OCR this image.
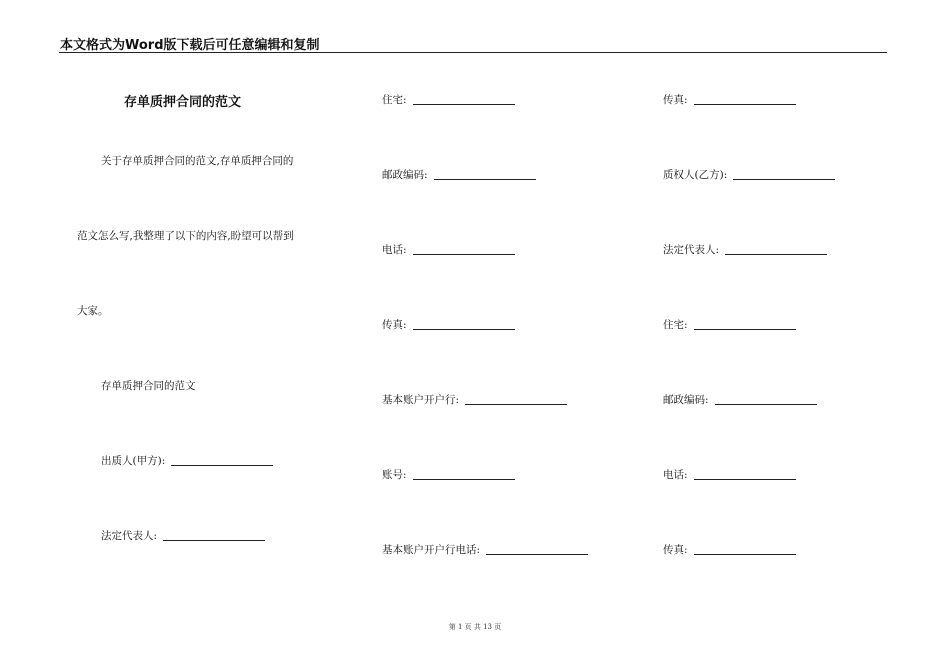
本文格式为Word版下载后可任意编辑和复制
存单质押合同的范文
关于存单质押合同的范文,存单质押合同的
范文怎么写,我整理了以下的内容,盼望可以帮到
大家。
存单质押合同的范文
出质人(甲方):
法定代表人:
住宅:
邮政编码:
电话:
传真:
基本账户开户行:
账号:
基本账户开户行电话:
传真:
质权人(乙方):
法定代表人:
住宅:
邮政编码:
电话:
传真:
第 1 页 共 13 页
